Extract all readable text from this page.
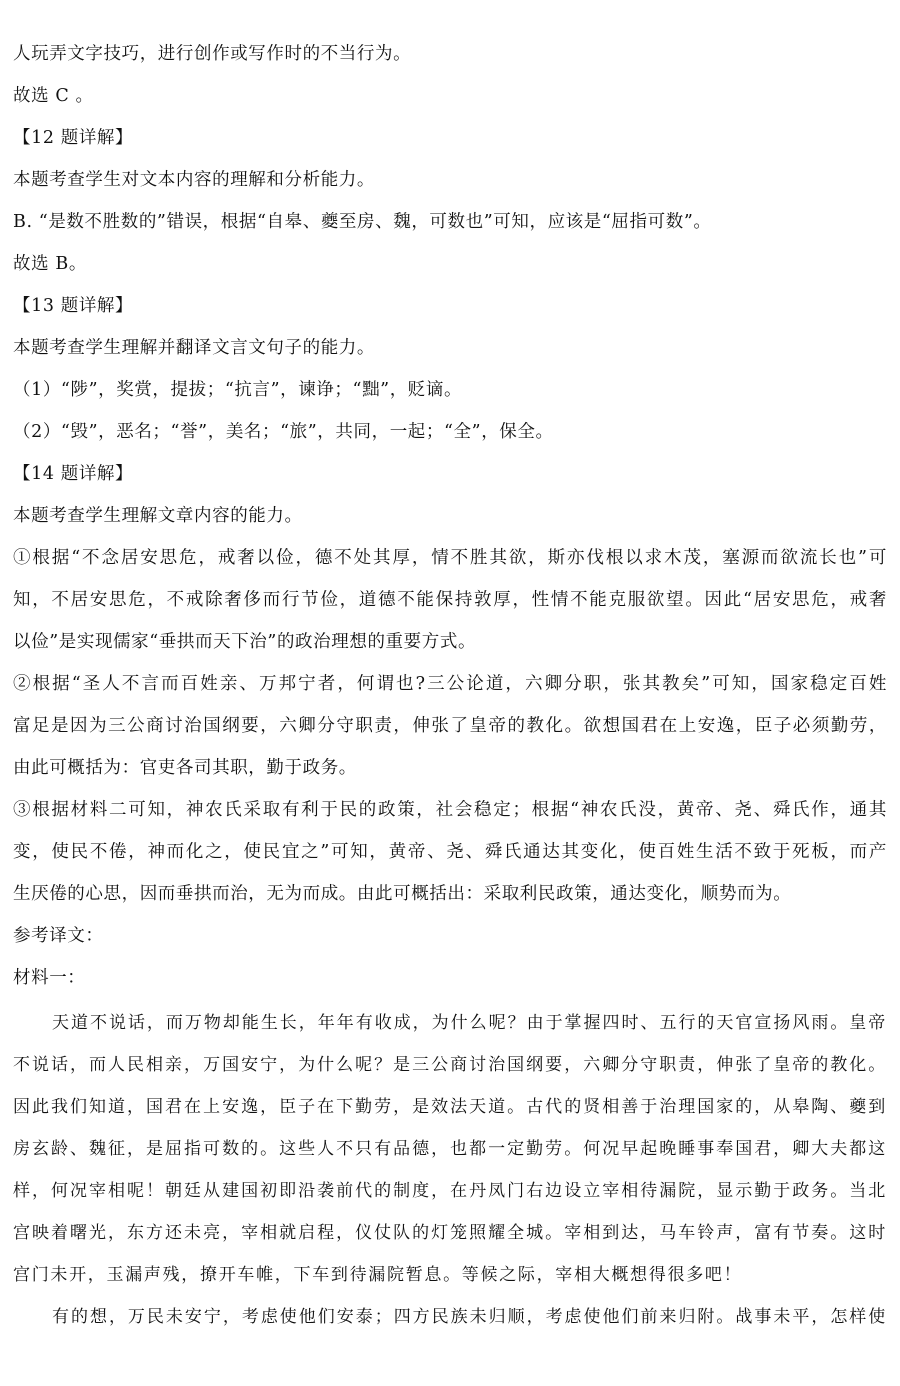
人玩弄文字技巧，进行创作或写作时的不当行为。
故选 C 。
【12 题详解】
本题考查学生对文本内容的理解和分析能力。
B. “是数不胜数的”错误，根据“自皋、夔至房、魏，可数也”可知，应该是“屈指可数”。
故选 B。
【13 题详解】
本题考查学生理解并翻译文言文句子的能力。
（1）“陟”，奖赏，提拔；“抗言”，谏诤；“黜”，贬谪。
（2）“毁”，恶名；“誉”，美名；“旅”，共同，一起；“全”，保全。
【14 题详解】
本题考查学生理解文章内容的能力。
①根据“不念居安思危，戒奢以俭，德不处其厚，情不胜其欲，斯亦伐根以求木茂，塞源而欲流长也”可
知，不居安思危，不戒除奢侈而行节俭，道德不能保持敦厚，性情不能克服欲望。因此“居安思危，戒奢
以俭”是实现儒家“垂拱而天下治”的政治理想的重要方式。
②根据“圣人不言而百姓亲、万邦宁者，何谓也?三公论道，六卿分职，张其教矣”可知，国家稳定百姓
富足是因为三公商讨治国纲要，六卿分守职责，伸张了皇帝的教化。欲想国君在上安逸，臣子必须勤劳，
由此可概括为：官吏各司其职，勤于政务。
③根据材料二可知，神农氏采取有利于民的政策，社会稳定；根据“神农氏没，黄帝、尧、舜氏作，通其
变，使民不倦，神而化之，使民宜之”可知，黄帝、尧、舜氏通达其变化，使百姓生活不致于死板，而产
生厌倦的心思，因而垂拱而治，无为而成。由此可概括出：采取利民政策，通达变化，顺势而为。
参考译文：
材料一：
天道不说话，而万物却能生长，年年有收成，为什么呢？由于掌握四时、五行的天官宣扬风雨。皇帝
不说话，而人民相亲，万国安宁，为什么呢？是三公商讨治国纲要，六卿分守职责，伸张了皇帝的教化。
因此我们知道，国君在上安逸，臣子在下勤劳，是效法天道。古代的贤相善于治理国家的，从皋陶、夔到
房玄龄、魏征，是屈指可数的。这些人不只有品德，也都一定勤劳。何况早起晚睡事奉国君，卿大夫都这
样，何况宰相呢！朝廷从建国初即沿袭前代的制度，在丹凤门右边设立宰相待漏院，显示勤于政务。当北
宫映着曙光，东方还未亮，宰相就启程，仪仗队的灯笼照耀全城。宰相到达，马车铃声，富有节奏。这时
宫门未开，玉漏声残，撩开车帷，下车到待漏院暂息。等候之际，宰相大概想得很多吧！
有的想，万民未安宁，考虑使他们安泰；四方民族未归顺，考虑使他们前来归附。战事未平，怎样使
